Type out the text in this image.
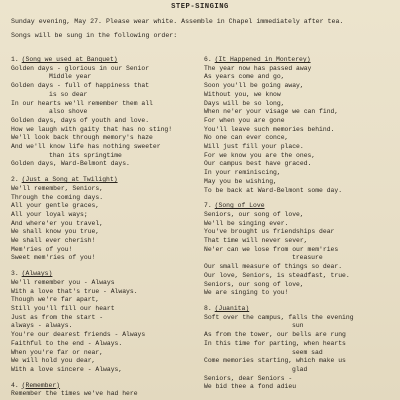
STEP-SINGING
Sunday evening, May 27. Please wear white. Assemble in Chapel immediately after tea.
Songs will be sung in the following order:
1. (Song we used at Banquet)
Golden days - glorious in our Senior
Middle year
Golden days - full of happiness that
is so dear
In our hearts we'll remember them all
also shove
Golden days, days of youth and love.
How we laugh with gaity that has no sting!
We'll look back through memory's haze
And we'll know life has nothing sweeter
than its springtime
Golden days, Ward-Belmont days.
2. (Just a Song at Twilight)
We'll remember, Seniors,
Through the coming days.
All your gentle graces,
All your loyal ways;
And where'er you travel,
We shall know you true,
We shall ever cherish!
Mem'ries of you!
Sweet mem'ries of you!
3. (Always)
We'll remember you - Always
With a love that's true - Always.
Though we're far apart,
Still you'll fill our heart
Just as from the start -
always - always.
You're our dearest friends - Always
Faithful to the end - Always.
When you're far or near,
We will hold you dear,
With a love sincere - Always,
4. (Remember)
Remember the times we've had here
6. (It Happened in Monterey)
The year now has passed away
As years come and go,
Soon you'll be going away,
Without you, we know
Days will be so long,
When ne'er your visage we can find,
For when you are gone
You'll leave such memories behind.
No one can ever conce,
Will just fill your place.
For we know you are the ones,
Our campus best have graced.
In your reminiscing,
May you be wishing,
To be back at Ward-Belmont some day.
7. (Song of Love
Seniors, our song of love,
We'll be singing ever.
You've brought us friendships dear
That time will never sever,
Ne'er can we lose from our mem'ries
treasure
Our small measure of things so dear.
Our love, Seniors, is steadfast, true.
Seniors, our song of love,
We are singing to you!
8. (Juanita)
Soft over the campus, falls the evening
sun
As from the tower, our bells are rung
In this time for parting, when hearts
seem sad
Come memories starting, which make us
glad
Seniors, dear Seniors -
We bid thee a fond adieu
